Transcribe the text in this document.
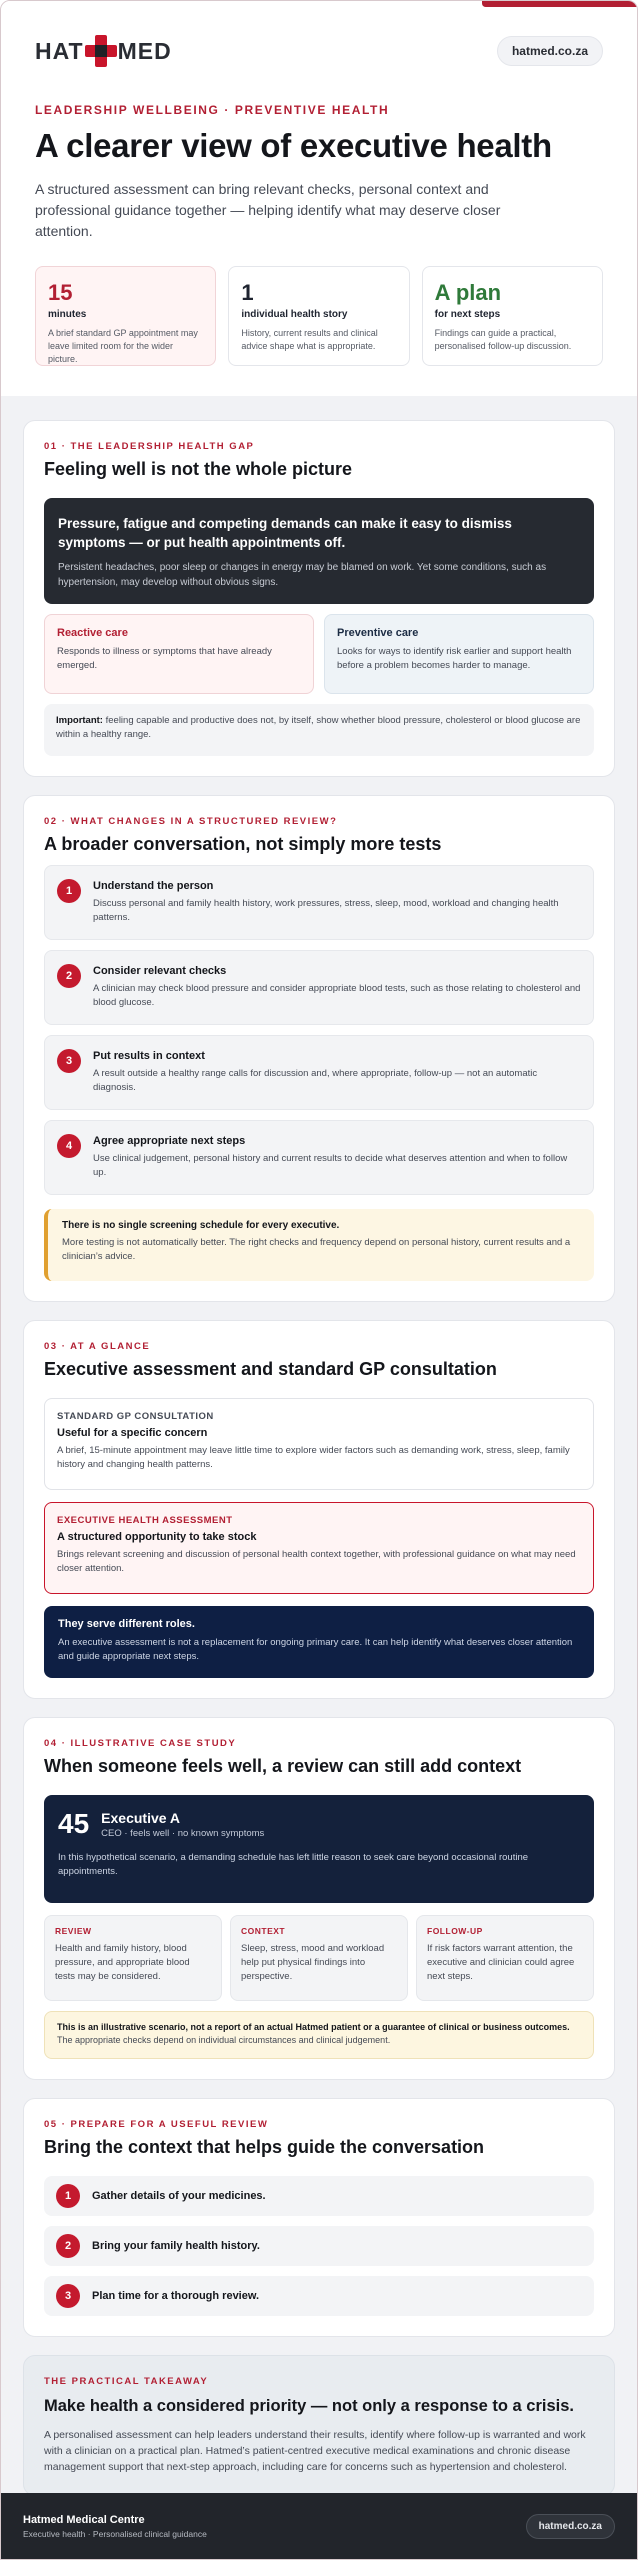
HAT MED	hatmed.co.za
LEADERSHIP WELLBEING · PREVENTIVE HEALTH
A clearer view of executive health

A structured assessment can bring relevant checks, personal context and professional guidance together — helping identify what may deserve closer attention.

15
minutes
A brief standard GP appointment may leave limited room for the wider picture.
1
individual health story
History, current results and clinical advice shape what is appropriate.
A plan
for next steps
Findings can guide a practical, personalised follow-up discussion.
01 · THE LEADERSHIP HEALTH GAP
Feeling well is not the whole picture
Pressure, fatigue and competing demands can make it easy to dismiss symptoms — or put health appointments off.
Persistent headaches, poor sleep or changes in energy may be blamed on work. Yet some conditions, such as hypertension, may develop without obvious signs.
Reactive care
Responds to illness or symptoms that have already emerged.
Preventive care
Looks for ways to identify risk earlier and support health before a problem becomes harder to manage.
Important: feeling capable and productive does not, by itself, show whether blood pressure, cholesterol or blood glucose are within a healthy range.
02 · WHAT CHANGES IN A STRUCTURED REVIEW?
A broader conversation, not simply more tests
1	Understand the person
Discuss personal and family health history, work pressures, stress, sleep, mood, workload and changing health patterns.
2	Consider relevant checks
A clinician may check blood pressure and consider appropriate blood tests, such as those relating to cholesterol and blood glucose.
3	Put results in context
A result outside a healthy range calls for discussion and, where appropriate, follow-up — not an automatic diagnosis.
4	Agree appropriate next steps
Use clinical judgement, personal history and current results to decide what deserves attention and when to follow up.
There is no single screening schedule for every executive.
More testing is not automatically better. The right checks and frequency depend on personal history, current results and a clinician’s advice.
03 · AT A GLANCE
Executive assessment and standard GP consultation
STANDARD GP CONSULTATION
Useful for a specific concern
A brief, 15-minute appointment may leave little time to explore wider factors such as demanding work, stress, sleep, family history and changing health patterns.
EXECUTIVE HEALTH ASSESSMENT
A structured opportunity to take stock
Brings relevant screening and discussion of personal health context together, with professional guidance on what may need closer attention.
They serve different roles.
An executive assessment is not a replacement for ongoing primary care. It can help identify what deserves closer attention and guide appropriate next steps.
04 · ILLUSTRATIVE CASE STUDY
When someone feels well, a review can still add context
45 Executive A
CEO · feels well · no known symptoms
In this hypothetical scenario, a demanding schedule has left little reason to seek care beyond occasional routine appointments.
REVIEW
Health and family history, blood pressure, and appropriate blood tests may be considered.
CONTEXT
Sleep, stress, mood and workload help put physical findings into perspective.
FOLLOW-UP
If risk factors warrant attention, the executive and clinician could agree next steps.
This is an illustrative scenario, not a report of an actual Hatmed patient or a guarantee of clinical or business outcomes. The appropriate checks depend on individual circumstances and clinical judgement.
05 · PREPARE FOR A USEFUL REVIEW
Bring the context that helps guide the conversation
1	Gather details of your medicines.
2	Bring your family health history.
3	Plan time for a thorough review.
THE PRACTICAL TAKEAWAY
Make health a considered priority — not only a response to a crisis.
A personalised assessment can help leaders understand their results, identify where follow-up is warranted and work with a clinician on a practical plan. Hatmed’s patient-centred executive medical examinations and chronic disease management support that next-step approach, including care for concerns such as hypertension and cholesterol.
Hatmed Medical Centre
Executive health · Personalised clinical guidance
hatmed.co.za
